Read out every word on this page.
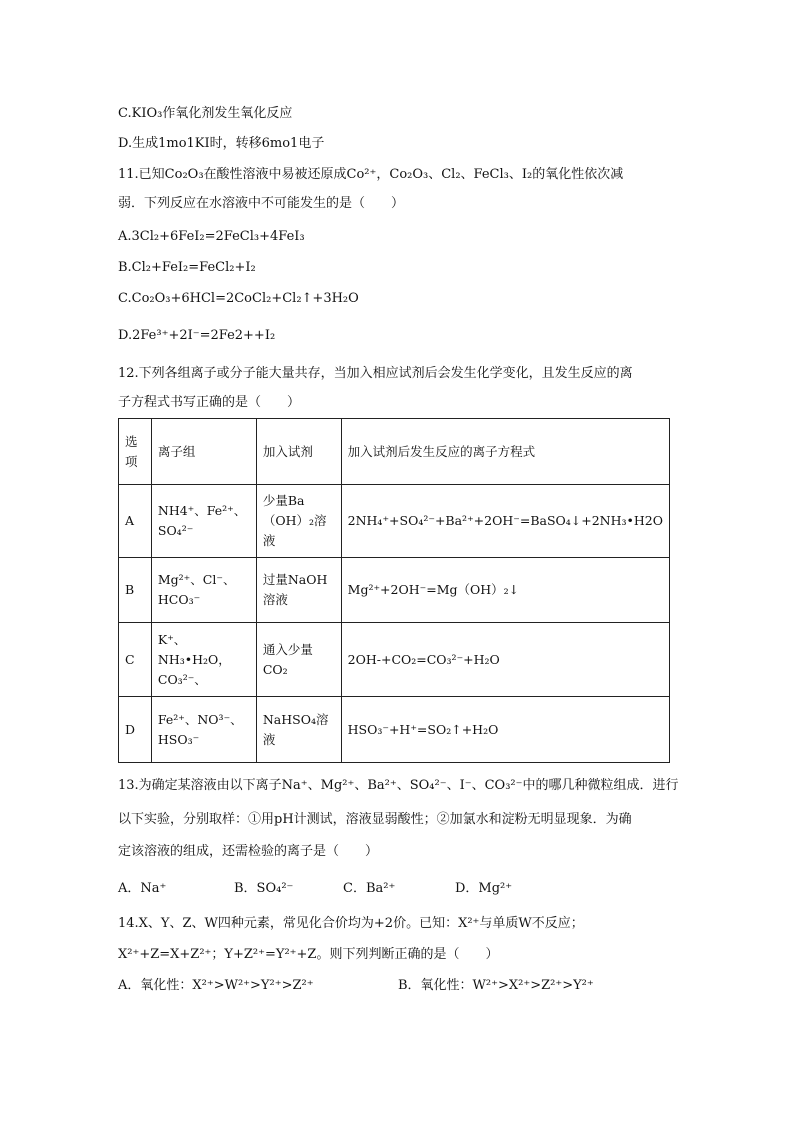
C.KIO₃作氧化剂发生氧化反应
D.生成1mo1KI时，转移6mo1电子
11.已知Co₂O₃在酸性溶液中易被还原成Co²⁺，Co₂O₃、Cl₂、FeCl₃、I₂的氧化性依次减
弱．下列反应在水溶液中不可能发生的是（　　）
A.3Cl₂+6FeI₂=2FeCl₃+4FeI₃
B.Cl₂+FeI₂=FeCl₂+I₂
C.Co₂O₃+6HCl=2CoCl₂+Cl₂↑+3H₂O
D.2Fe³⁺+2I⁻=2Fe2++I₂
12.下列各组离子或分子能大量共存，当加入相应试剂后会发生化学变化，且发生反应的离
子方程式书写正确的是（　　）
选项	离子组	加入试剂	加入试剂后发生反应的离子方程式
A	NH4⁺、Fe²⁺、SO₄²⁻	少量Ba（OH）₂溶液	2NH₄⁺+SO₄²⁻+Ba²⁺+2OH⁻=BaSO₄↓+2NH₃•H2O
B	Mg²⁺、Cl⁻、HCO₃⁻	过量NaOH溶液	Mg²⁺+2OH⁻=Mg（OH）₂↓
C	K⁺、NH₃•H₂O，CO₃²⁻、	通入少量CO₂	2OH-+CO₂=CO₃²⁻+H₂O
D	Fe²⁺、NO³⁻、HSO₃⁻	NaHSO₄溶液	HSO₃⁻+H⁺=SO₂↑+H₂O
13.为确定某溶液由以下离子Na⁺、Mg²⁺、Ba²⁺、SO₄²⁻、I⁻、CO₃²⁻中的哪几种微粒组成．进行
以下实验，分别取样：①用pH计测试，溶液显弱酸性；②加氯水和淀粉无明显现象．为确
定该溶液的组成，还需检验的离子是（　　）
A．Na⁺	B．SO₄²⁻	C．Ba²⁺	D．Mg²⁺
14.X、Y、Z、W四种元素，常见化合价均为+2价。已知：X²⁺与单质W不反应；
X²⁺+Z=X+Z²⁺；Y+Z²⁺=Y²⁺+Z。则下列判断正确的是（　　）
A．氧化性：X²⁺>W²⁺>Y²⁺>Z²⁺	B．氧化性：W²⁺>X²⁺>Z²⁺>Y²⁺
